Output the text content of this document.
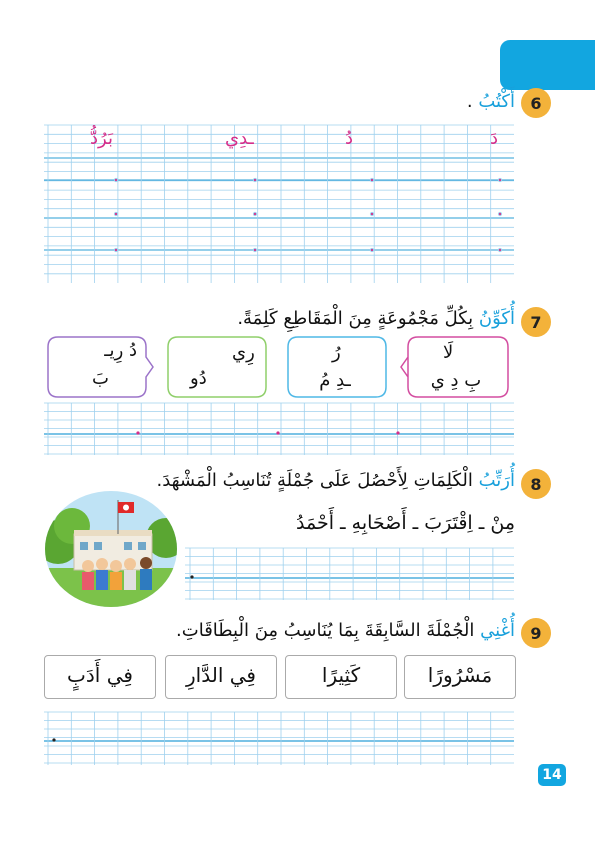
6
أَكْتُبُ .
دَ
دُ
ـدِي
بَرُدُّ
7
أُكَوِّنُ بِكُلِّ مَجْمُوعَةٍ مِنَ الْمَقَاطِعِ كَلِمَةً.
لَا
بِ دِ ي
رُ
ـدِ مُ
رِي
دُو
دُ رِيـ
بَ
8
أُرَتِّبُ الْكَلِمَاتِ لِأَحْصُلَ عَلَى جُمْلَةٍ تُنَاسِبُ الْمَشْهَدَ.
مِنْ ـ اِقْتَرَبَ ـ أَصْحَابِهِ ـ أَحْمَدُ
9
أُغْنِي الْجُمْلَةَ السَّابِقَةَ بِمَا يُنَاسِبُ مِنَ الْبِطَاقَاتِ.
مَسْرُورًا
كَثِيرًا
فِي الدَّارِ
فِي أَدَبٍ
14
